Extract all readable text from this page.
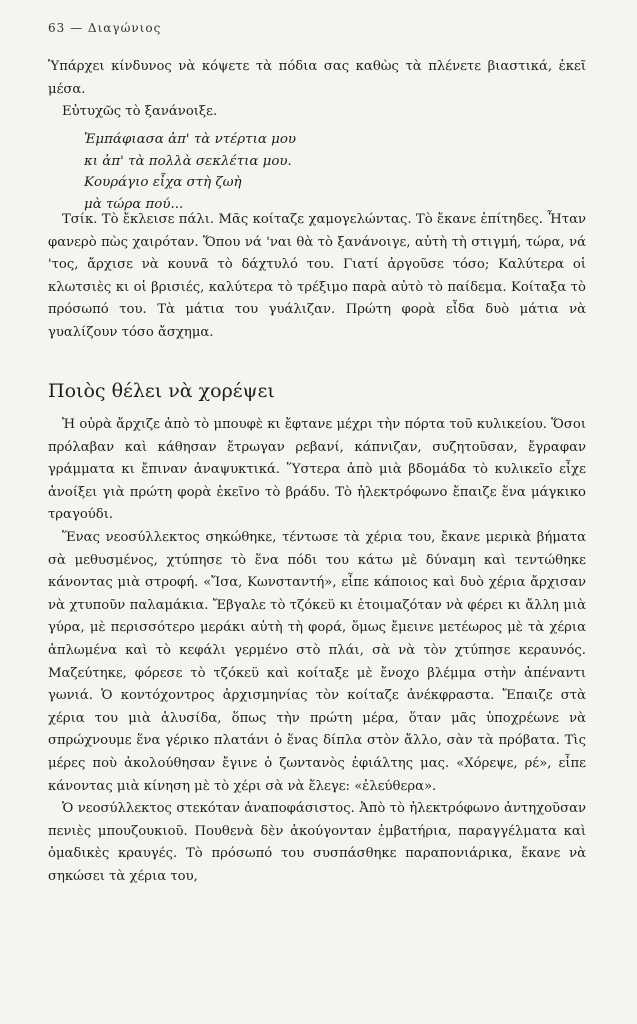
63 — Διαγώνιος

Ὑπάρχει κίνδυνος νὰ κόψετε τὰ πόδια σας καθὼς τὰ πλένετε βιαστικά, ἐκεῖ μέσα.

Εὐτυχῶς τὸ ξανάνοιξε.

Ἐμπάφιασα ἀπ' τὰ ντέρτια μου
κι ἀπ' τὰ πολλὰ σεκλέτια μου.
Κουράγιο εἶχα στὴ ζωὴ
μὰ τώρα πού...

Τσίκ. Τὸ ἔκλεισε πάλι. Μᾶς κοίταζε χαμογελώντας. Τὸ ἔκανε ἐπίτηδες. Ἦταν φανερὸ πὼς χαιρόταν. Ὅπου νά 'ναι θὰ τὸ ξανάνοιγε, αὐτὴ τὴ στιγμή, τώρα, νά 'τος, ἄρχισε νὰ κουνᾶ τὸ δάχτυλό του. Γιατί ἀργοῦσε τόσο; Καλύτερα οἱ κλωτσιὲς κι οἱ βρισιές, καλύτερα τὸ τρέξιμο παρὰ αὐτὸ τὸ παίδεμα. Κοίταξα τὸ πρόσωπό του. Τὰ μάτια του γυάλιζαν. Πρώτη φορὰ εἶδα δυὸ μάτια νὰ γυαλίζουν τόσο ἄσχημα.

Ποιὸς θέλει νὰ χορέψει

Ἡ οὐρὰ ἄρχιζε ἀπὸ τὸ μπουφὲ κι ἔφτανε μέχρι τὴν πόρτα τοῦ κυλικείου. Ὅσοι πρόλαβαν καὶ κάθησαν ἔτρωγαν ρεβανί, κάπνιζαν, συζητοῦσαν, ἔγραφαν γράμματα κι ἔπιναν ἀναψυκτικά. Ὕστερα ἀπὸ μιὰ βδομάδα τὸ κυλικεῖο εἶχε ἀνοίξει γιὰ πρώτη φορὰ ἐκεῖνο τὸ βράδυ. Τὸ ἠλεκτρόφωνο ἔπαιζε ἕνα μάγκικο τραγούδι.

Ἕνας νεοσύλλεκτος σηκώθηκε, τέντωσε τὰ χέρια του, ἔκανε μερικὰ βήματα σὰ μεθυσμένος, χτύπησε τὸ ἕνα πόδι του κάτω μὲ δύναμη καὶ τεντώθηκε κάνοντας μιὰ στροφή. «Ἴσα, Κωνσταντή», εἶπε κάποιος καὶ δυὸ χέρια ἄρχισαν νὰ χτυποῦν παλαμάκια. Ἔβγαλε τὸ τζόκεϋ κι ἑτοιμαζόταν νὰ φέρει κι ἄλλη μιὰ γύρα, μὲ περισσότερο μεράκι αὐτὴ τὴ φορά, ὅμως ἔμεινε μετέωρος μὲ τὰ χέρια ἁπλωμένα καὶ τὸ κεφάλι γερμένο στὸ πλάι, σὰ νὰ τὸν χτύπησε κεραυνός. Μαζεύτηκε, φόρεσε τὸ τζόκεϋ καὶ κοίταξε μὲ ἔνοχο βλέμμα στὴν ἀπέναντι γωνιά. Ὁ κοντόχοντρος ἀρχισμηνίας τὸν κοίταζε ἀνέκφραστα. Ἔπαιζε στὰ χέρια του μιὰ ἁλυσίδα, ὅπως τὴν πρώτη μέρα, ὅταν μᾶς ὑποχρέωνε νὰ σπρώχνουμε ἕνα γέρικο πλατάνι ὁ ἕνας δίπλα στὸν ἄλλο, σὰν τὰ πρόβατα. Τὶς μέρες ποὺ ἀκολούθησαν ἔγινε ὁ ζωντανὸς ἐφιάλτης μας. «Χόρεψε, ρέ», εἶπε κάνοντας μιὰ κίνηση μὲ τὸ χέρι σὰ νὰ ἔλεγε: «ἐλεύθερα».

Ὁ νεοσύλλεκτος στεκόταν ἀναποφάσιστος. Ἀπὸ τὸ ἠλεκτρόφωνο ἀντηχοῦσαν πενιὲς μπουζουκιοῦ. Πουθενὰ δὲν ἀκούγονταν ἐμβατήρια, παραγγέλματα καὶ ὁμαδικὲς κραυγές. Τὸ πρόσωπό του συσπάσθηκε παραπονιάρικα, ἔκανε νὰ σηκώσει τὰ χέρια του,
